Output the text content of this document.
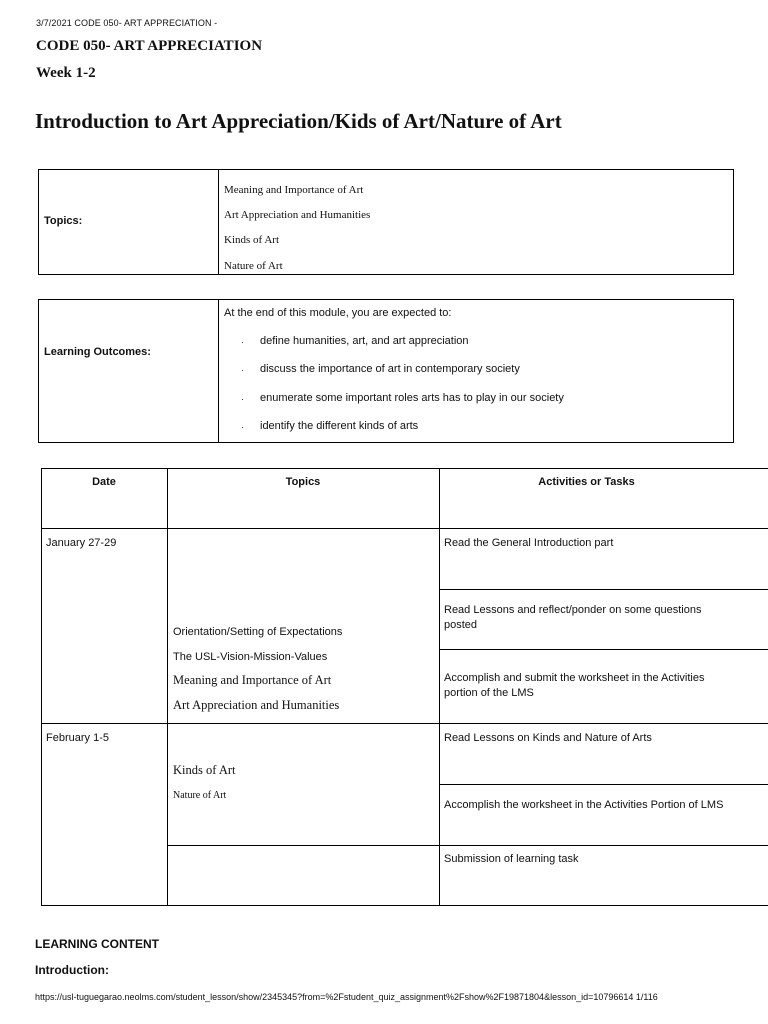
3/7/2021 CODE 050- ART APPRECIATION -
CODE 050- ART APPRECIATION
Week 1-2
Introduction to Art Appreciation/Kids of Art/Nature of Art
Topics:
Meaning and Importance of Art
Art Appreciation and Humanities
Kinds of Art
Nature of Art
Learning Outcomes:
At the end of this module, you are expected to:
· define humanities, art, and art appreciation
· discuss the importance of art in contemporary society
· enumerate some important roles arts has to play in our society
· identify the different kinds of arts
Date	Topics	Activities or Tasks
January 27-29
Orientation/Setting of Expectations
The USL-Vision-Mission-Values
Meaning and Importance of Art
Art Appreciation and Humanities
Read the General Introduction part
Read Lessons and reflect/ponder on some questions posted
Accomplish and submit the worksheet in the Activities portion of the LMS
February 1-5
Kinds of Art
Nature of Art
Read Lessons on Kinds and Nature of Arts
Accomplish the worksheet in the Activities Portion of LMS
Submission of learning task
LEARNING CONTENT
Introduction:
https://usl-tuguegarao.neolms.com/student_lesson/show/2345345?from=%2Fstudent_quiz_assignment%2Fshow%2F19871804&lesson_id=10796614 1/116
